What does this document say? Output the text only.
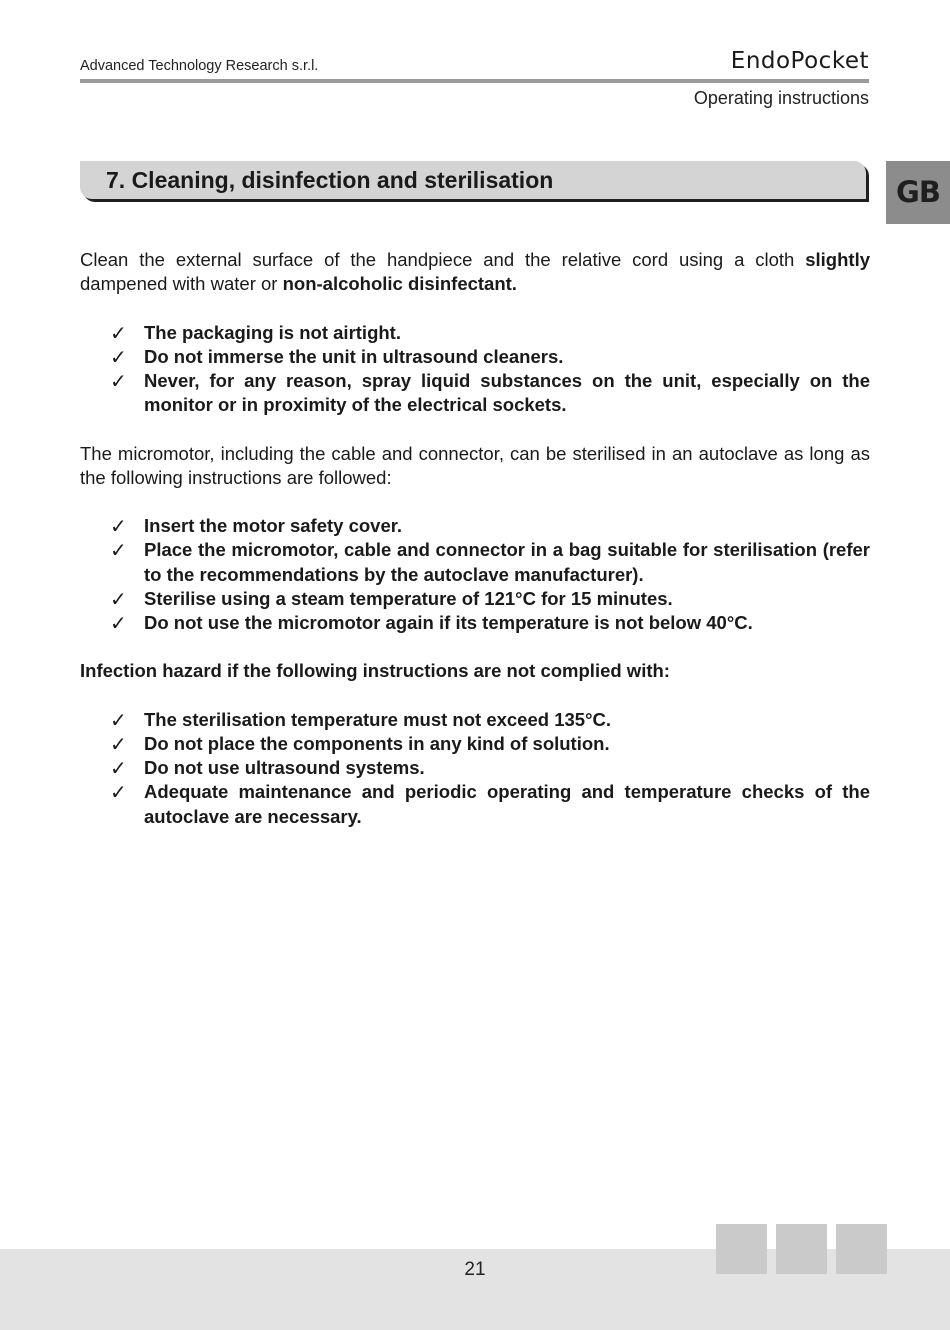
Advanced Technology Research s.r.l.	EndoPocket
Operating instructions
7. Cleaning, disinfection and sterilisation	GB

Clean the external surface of the handpiece and the relative cord using a cloth slightly dampened with water or non-alcoholic disinfectant.

✓ The packaging is not airtight.
✓ Do not immerse the unit in ultrasound cleaners.
✓ Never, for any reason, spray liquid substances on the unit, especially on the monitor or in proximity of the electrical sockets.

The micromotor, including the cable and connector, can be sterilised in an autoclave as long as the following instructions are followed:

✓ Insert the motor safety cover.
✓ Place the micromotor, cable and connector in a bag suitable for sterilisation (refer to the recommendations by the autoclave manufacturer).
✓ Sterilise using a steam temperature of 121°C for 15 minutes.
✓ Do not use the micromotor again if its temperature is not below 40°C.

Infection hazard if the following instructions are not complied with:

✓ The sterilisation temperature must not exceed 135°C.
✓ Do not place the components in any kind of solution.
✓ Do not use ultrasound systems.
✓ Adequate maintenance and periodic operating and temperature checks of the autoclave are necessary.
21
